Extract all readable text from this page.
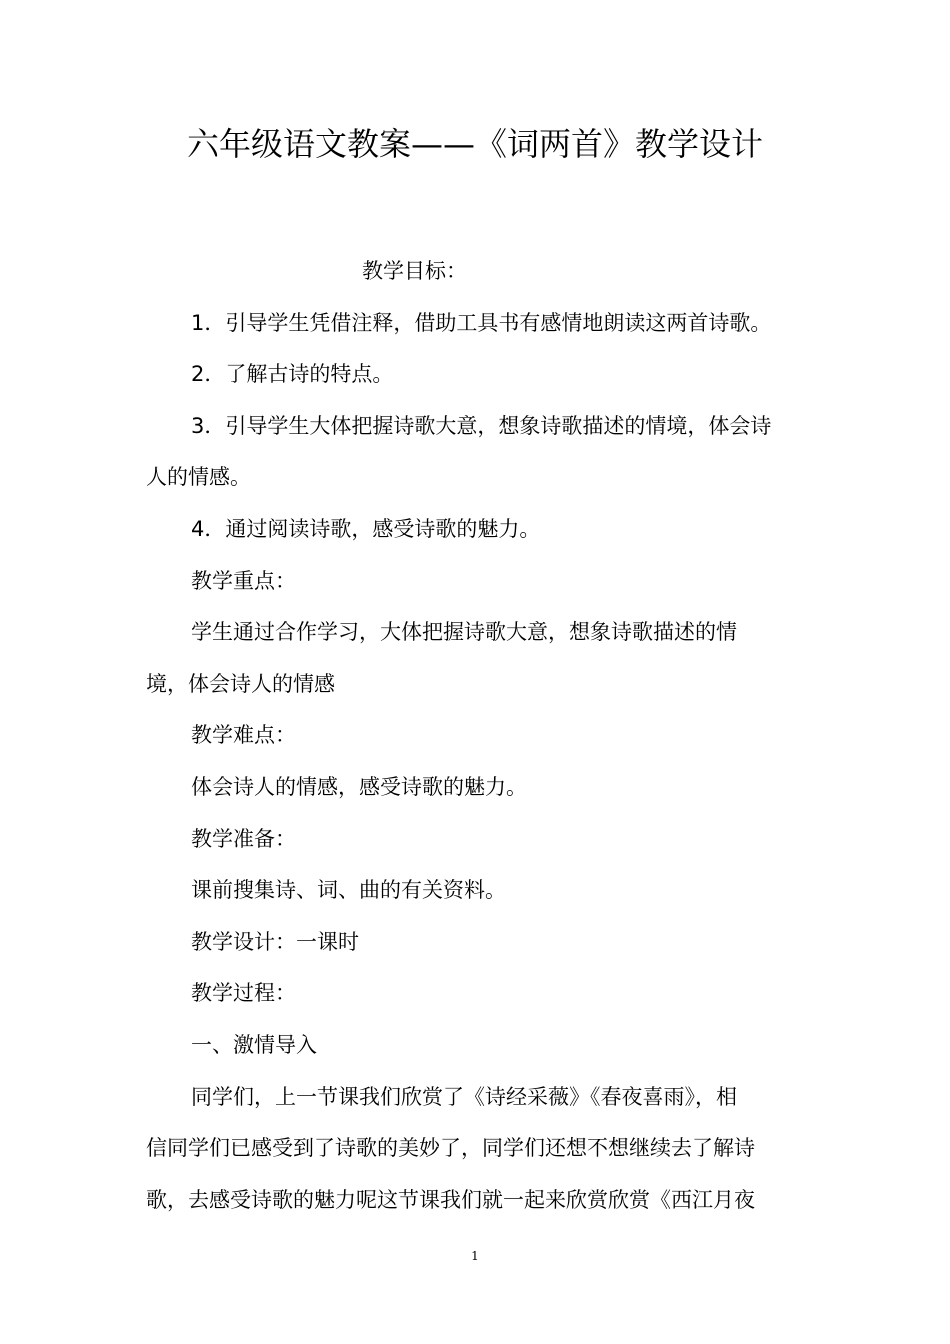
六年级语文教案——《词两首》教学设计

教学目标：

1．引导学生凭借注释，借助工具书有感情地朗读这两首诗歌。

2．了解古诗的特点。

3．引导学生大体把握诗歌大意，想象诗歌描述的情境，体会诗

人的情感。

4．通过阅读诗歌，感受诗歌的魅力。

教学重点：

学生通过合作学习，大体把握诗歌大意，想象诗歌描述的情

境，体会诗人的情感

教学难点：

体会诗人的情感，感受诗歌的魅力。

教学准备：

课前搜集诗、词、曲的有关资料。

教学设计：一课时

教学过程：

一、激情导入

同学们，上一节课我们欣赏了《诗经采薇》《春夜喜雨》，相

信同学们已感受到了诗歌的美妙了，同学们还想不想继续去了解诗

歌，去感受诗歌的魅力呢这节课我们就一起来欣赏欣赏《西江月夜

1
